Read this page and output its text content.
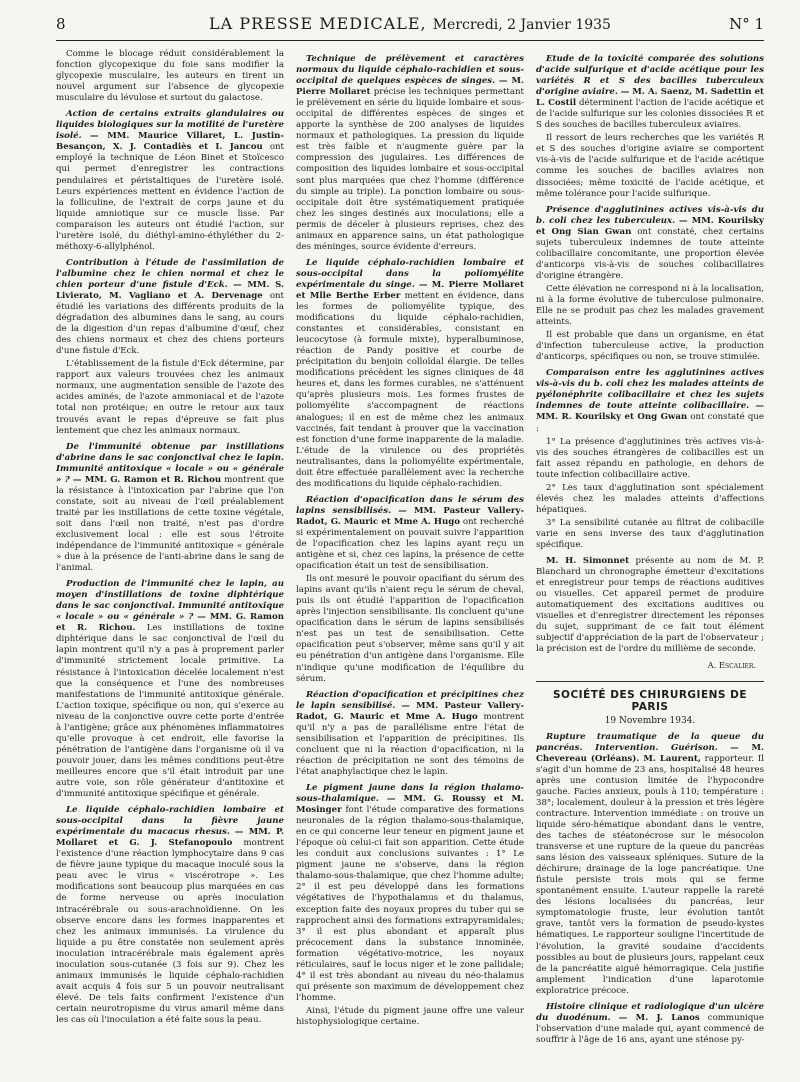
8	LA PRESSE MEDICALE, Mercredi, 2 Janvier 1935	N° 1

Comme le blocage réduit considérablement la fonction glycopexique du foie sans modifier la glycopexie musculaire, les auteurs en tirent un nouvel argument sur l'absence de glycopexie musculaire du lévulose et surtout du galactose.

Action de certains extraits glandulaires ou liquides biologiques sur la motilité de l'uretère isolé. — MM. Maurice Villaret, L. Justin-Besançon, X. J. Contadiès et I. Jancou ont employé la technique de Léon Binet et Stoïcesco qui permet d'enregistrer les contractions pendulaires et péristaltiques de l'uretère isolé. Leurs expériences mettent en évidence l'action de la folliculine, de l'extrait de corps jaune et du liquide amniotique sur ce muscle lisse. Par comparaison les auteurs ont étudié l'action, sur l'uretère isolé, du diéthyl-amino-éthyléther du 2-méthoxy-6-allylphénol.

Contribution à l'étude de l'assimilation de l'albumine chez le chien normal et chez le chien porteur d'une fistule d'Eck. — MM. S. Livierato, M. Vagliano et A. Dervenage ont étudié les variations des différents produits de la dégradation des albumines dans le sang, au cours de la digestion d'un repas d'albumine d'œuf, chez des chiens normaux et chez des chiens porteurs d'une fistule d'Eck.

L'établissement de la fistule d'Eck détermine, par rapport aux valeurs trouvées chez les animaux normaux, une augmentation sensible de l'azote des acides aminés, de l'azote ammoniacal et de l'azote total non protéique; en outre le retour aux taux trouvés avant le repas d'épreuve se fait plus lentement que chez les animaux normaux.

De l'immunité obtenue par instillations d'abrine dans le sac conjonctival chez le lapin. Immunité antitoxique « locale » ou « générale » ? — MM. G. Ramon et R. Richou montrent que la résistance à l'intoxication par l'abrine que l'on constate, soit au niveau de l'œil préalablement traité par les instillations de cette toxine végétale, soit dans l'œil non traité, n'est pas d'ordre exclusivement local : elle est sous l'étroite indépendance de l'immunité antitoxique « générale » due à la présence de l'anti-abrine dans le sang de l'animal.

Production de l'immunité chez le lapin, au moyen d'instillations de toxine diphtérique dans le sac conjonctival. Immunité antitoxique « locale » ou « générale » ? — MM. G. Ramon et R. Richou. Les instillations de toxine diphtérique dans le sac conjonctival de l'œil du lapin montrent qu'il n'y a pas à proprement parler d'immunité strictement locale primitive. La résistance à l'intoxication décelée localement n'est que la conséquence et l'une des nombreuses manifestations de l'immunité antitoxique générale. L'action toxique, spécifique ou non, qui s'exerce au niveau de la conjonctive ouvre cette porte d'entrée à l'antigène; grâce aux phénomènes inflammatoires qu'elle provoque à cet endroit, elle favorise la pénétration de l'antigène dans l'organisme où il va pouvoir jouer, dans les mêmes conditions peut-être meilleures encore que s'il était introduit par une autre voie, son rôle générateur d'antitoxine et d'immunité antitoxique spécifique et générale.

Le liquide céphalo-rachidien lombaire et sous-occipital dans la fièvre jaune expérimentale du macacus rhesus. — MM. P. Mollaret et G. J. Stefanopoulo montrent l'existence d'une réaction lymphocytaire dans 9 cas de fièvre jaune typique du macaque inoculé sous la peau avec le virus « viscérotrope ». Les modifications sont beaucoup plus marquées en cas de forme nerveuse ou après inoculation intracérébrale ou sous-arachnoïdienne. On les observe encore dans les formes inapparentes et chez les animaux immunisés. La virulence du liquide a pu être constatée non seulement après inoculation intracérébrale mais également après inoculation sous-cutanée (3 fois sur 9). Chez les animaux immunisés le liquide céphalo-rachidien avait acquis 4 fois sur 5 un pouvoir neutralisant élevé. De tels faits confirment l'existence d'un certain neurotropisme du virus amaril même dans les cas où l'inoculation a été faite sous la peau.

Technique de prélèvement et caractères normaux du liquide céphalo-rachidien et sous-occipital de quelques espèces de singes. — M. Pierre Mollaret précise les techniques permettant le prélèvement en série du liquide lombaire et sous-occipital de différentes espèces de singes et apporte la synthèse de 200 analyses de liquides normaux et pathologiques. La pression du liquide est très faible et n'augmente guère par la compression des jugulaires. Les différences de composition des liquides lombaire et sous-occipital sont plus marquées que chez l'homme (différence du simple au triple). La ponction lombaire ou sous-occipitale doit être systématiquement pratiquée chez les singes destinés aux inoculations; elle a permis de déceler à plusieurs reprises, chez des animaux en apparence sains, un état pathologique des méninges, source évidente d'erreurs.

Le liquide céphalo-rachidien lombaire et sous-occipital dans la poliomyélite expérimentale du singe. — M. Pierre Mollaret et Mlle Berthe Erber mettent en évidence, dans les formes de poliomyélite typique, des modifications du liquide céphalo-rachidien, constantes et considérables, consistant en leucocytose (à formule mixte), hyperalbuminose, réaction de Pandy positive et courbe de précipitation du benjoin colloïdal élargie. De telles modifications précèdent les signes cliniques de 48 heures et, dans les formes curables, ne s'atténuent qu'après plusieurs mois. Les formes frustes de poliomyélite s'accompagnent de réactions analogues; il en est de même chez les animaux vaccinés, fait tendant à prouver que la vaccination est fonction d'une forme inapparente de la maladie. L'étude de la virulence ou des propriétés neutralisantes, dans la poliomyélite expérimentale, doit être effectuée parallèlement avec la recherche des modifications du liquide céphalo-rachidien.

Réaction d'opacification dans le sérum des lapins sensibilisés. — MM. Pasteur Vallery-Radot, G. Mauric et Mme A. Hugo ont recherché si expérimentalement on pouvait suivre l'apparition de l'opacification chez les lapins ayant reçu un antigène et si, chez ces lapins, la présence de cette opacification était un test de sensibilisation.

Ils ont mesuré le pouvoir opacifiant du sérum des lapins avant qu'ils n'aient reçu le sérum de cheval, puis ils ont étudié l'apparition de l'opacification après l'injection sensibilisante. Ils concluent qu'une opacification dans le sérum de lapins sensibilisés n'est pas un test de sensibilisation. Cette opacification peut s'observer, même sans qu'il y ait eu pénétration d'un antigène dans l'organisme. Elle n'indique qu'une modification de l'équilibre du sérum.

Réaction d'opacification et précipitines chez le lapin sensibilisé. — MM. Pasteur Vallery-Radot, G. Mauric et Mme A. Hugo montrent qu'il n'y a pas de parallélisme entre l'état de sensibilisation et l'apparition de précipitines. Ils concluent que ni la réaction d'opacification, ni la réaction de précipitation ne sont des témoins de l'état anaphylactique chez le lapin.

Le pigment jaune dans la région thalamo-sous-thalamique. — MM. G. Roussy et M. Mosinger font l'étude comparative des formations neuronales de la région thalamo-sous-thalamique, en ce qui concerne leur teneur en pigment jaune et l'époque où celui-ci fait son apparition. Cette étude les conduit aux conclusions suivantes : 1° Le pigment jaune ne s'observe, dans la région thalamo-sous-thalamique, que chez l'homme adulte; 2° il est peu développé dans les formations végétatives de l'hypothalamus et du thalamus, exception faite des noyaux propres du tuber qui se rapprochent ainsi des formations extrapyramidales; 3° il est plus abondant et apparaît plus précocement dans la substance innominée, formation végétativo-motrice, les noyaux réticulaires, sauf le locus niger et le zone pallidale; 4° il est très abondant au niveau du néo-thalamus qui présente son maximum de développement chez l'homme.

Ainsi, l'étude du pigment jaune offre une valeur histophysiologique certaine.

Etude de la toxicité comparée des solutions d'acide sulfurique et d'acide acétique pour les variétés R et S des bacilles tuberculeux d'origine aviaire. — M. A. Saenz, M. Sadettin et L. Costil déterminent l'action de l'acide acétique et de l'acide sulfurique sur les colonies dissociées R et S des souches de bacilles tuberculeux aviaires.

Il ressort de leurs recherches que les variétés R et S des souches d'origine aviaire se comportent vis-à-vis de l'acide sulfurique et de l'acide acétique comme les souches de bacilles aviaires non dissociées; même toxicité de l'acide acétique, et même tolérance pour l'acide sulfurique.

Présence d'agglutinines actives vis-à-vis du b. coli chez les tuberculeux. — MM. Kourilsky et Ong Sian Gwan ont constaté, chez certains sujets tuberculeux indemnes de toute atteinte colibacillaire concomitante, une proportion élevée d'anticorps vis-à-vis de souches colibacillaires d'origine étrangère.

Cette élévation ne correspond ni à la localisation, ni à la forme évolutive de tuberculose pulmonaire. Elle ne se produit pas chez les malades gravement atteints.

Il est probable que dans un organisme, en état d'infection tuberculeuse active, la production d'anticorps, spécifiques ou non, se trouve stimulée.

Comparaison entre les agglutinines actives vis-à-vis du b. coli chez les malades atteints de pyélonéphrite colibacillaire et chez les sujets indemnes de toute atteinte colibacillaire. — MM. R. Kourilsky et Ong Gwan ont constaté que :

1° La présence d'agglutinines très actives vis-à-vis des souches étrangères de colibacilles est un fait assez répandu en pathologie, en dehors de toute infection colibacillaire active.

2° Les taux d'agglutination sont spécialement élevés chez les malades atteints d'affections hépatiques.

3° La sensibilité cutanée au filtrat de colibacille varie en sens inverse des taux d'agglutination spécifique.

M. H. Simonnet présente au nom de M. P. Blanchard un chronographe émetteur d'excitations et enregistreur pour temps de réactions auditives ou visuelles. Cet appareil permet de produire automatiquement des excitations auditives ou visuelles et d'enregistrer directement les réponses du sujet, supprimant de ce fait tout élément subjectif d'appréciation de la part de l'observateur ; la précision est de l'ordre du millième de seconde.

A. Escalier.
SOCIÉTÉ DES CHIRURGIENS DE PARIS
19 Novembre 1934.

Rupture traumatique de la queue du pancréas. Intervention. Guérison. — M. Chevereau (Orléans). M. Laurent, rapporteur. Il s'agit d'un homme de 23 ans, hospitalisé 48 heures après une contusion limitée de l'hypocondre gauche. Facies anxieux, pouls à 110; température : 38°; localement, douleur à la pression et très légère contracture. Intervention immédiate : on trouve un liquide séro-hématique abondant dans le ventre, des taches de stéatonécrose sur le mésocolon transverse et une rupture de la queue du pancréas sans lésion des vaisseaux spléniques. Suture de la déchirure; drainage de la loge pancréatique. Une fistule persiste trois mois qui se ferme spontanément ensuite. L'auteur rappelle la rareté des lésions localisées du pancréas, leur symptomatologie fruste, leur évolution tantôt grave, tantôt vers la formation de pseudo-kystes hématiques. Le rapporteur souligne l'incertitude de l'évolution, la gravité soudaine d'accidents possibles au bout de plusieurs jours, rappelant ceux de la pancréatite aiguë hémorragique. Cela justifie amplement l'indication d'une laparotomie exploratrice précoce.

Histoire clinique et radiologique d'un ulcère du duodénum. — M. J. Lanos communique l'observation d'une malade qui, ayant commencé de souffrir à l'âge de 16 ans, ayant une sténose py-
